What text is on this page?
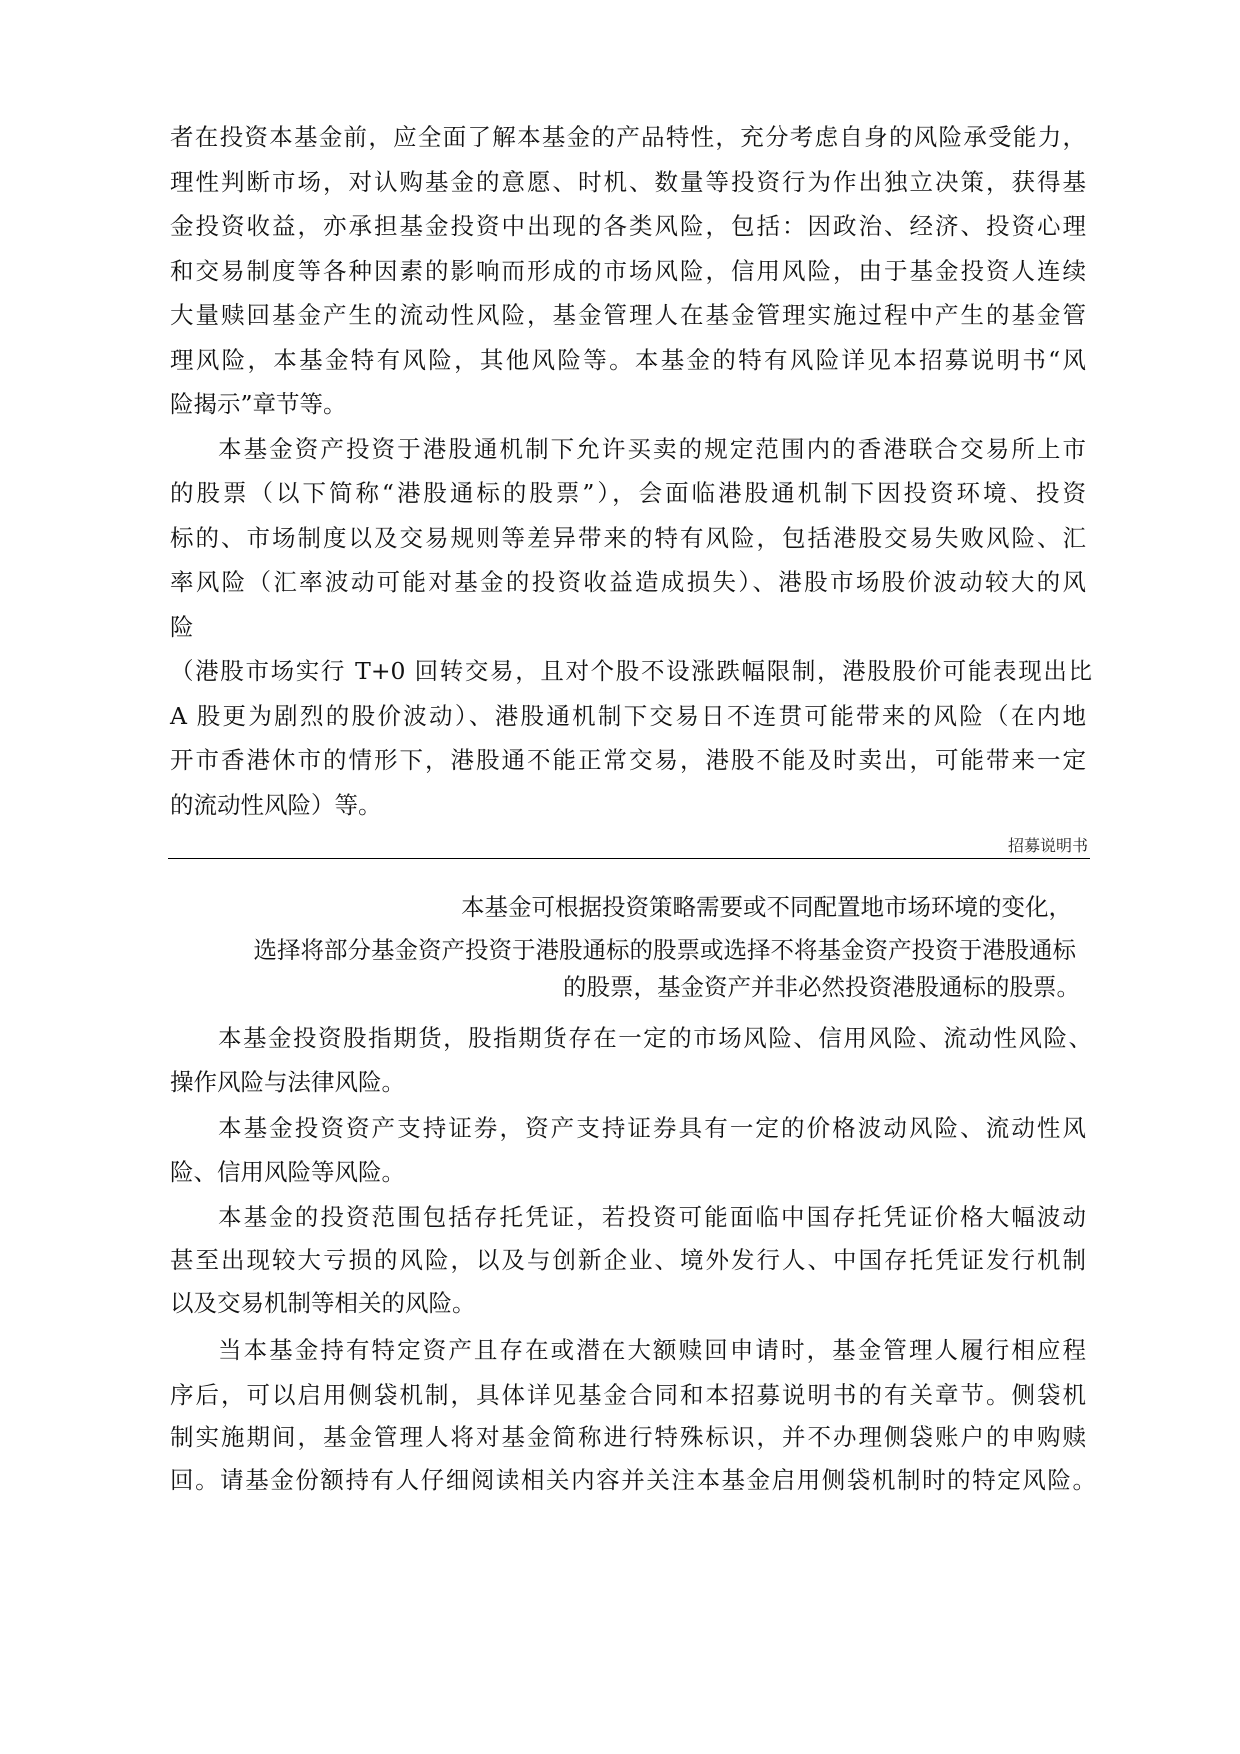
者在投资本基金前，应全面了解本基金的产品特性，充分考虑自身的风险承受能力，
理性判断市场，对认购基金的意愿、时机、数量等投资行为作出独立决策，获得基
金投资收益，亦承担基金投资中出现的各类风险，包括：因政治、经济、投资心理
和交易制度等各种因素的影响而形成的市场风险，信用风险，由于基金投资人连续
大量赎回基金产生的流动性风险，基金管理人在基金管理实施过程中产生的基金管
理风险，本基金特有风险，其他风险等。本基金的特有风险详见本招募说明书“风
险揭示”章节等。
本基金资产投资于港股通机制下允许买卖的规定范围内的香港联合交易所上市
的股票（以下简称“港股通标的股票”），会面临港股通机制下因投资环境、投资
标的、市场制度以及交易规则等差异带来的特有风险，包括港股交易失败风险、汇
率风险（汇率波动可能对基金的投资收益造成损失）、港股市场股价波动较大的风
险
（港股市场实行 T+0 回转交易，且对个股不设涨跌幅限制，港股股价可能表现出比
A 股更为剧烈的股价波动）、港股通机制下交易日不连贯可能带来的风险（在内地
开市香港休市的情形下，港股通不能正常交易，港股不能及时卖出，可能带来一定
的流动性风险）等。
招募说明书
本基金可根据投资策略需要或不同配置地市场环境的变化，
选择将部分基金资产投资于港股通标的股票或选择不将基金资产投资于港股通标
的股票，基金资产并非必然投资港股通标的股票。
本基金投资股指期货，股指期货存在一定的市场风险、信用风险、流动性风险、
操作风险与法律风险。
本基金投资资产支持证券，资产支持证券具有一定的价格波动风险、流动性风
险、信用风险等风险。
本基金的投资范围包括存托凭证，若投资可能面临中国存托凭证价格大幅波动
甚至出现较大亏损的风险，以及与创新企业、境外发行人、中国存托凭证发行机制
以及交易机制等相关的风险。
当本基金持有特定资产且存在或潜在大额赎回申请时，基金管理人履行相应程
序后，可以启用侧袋机制，具体详见基金合同和本招募说明书的有关章节。侧袋机
制实施期间，基金管理人将对基金简称进行特殊标识，并不办理侧袋账户的申购赎
回。请基金份额持有人仔细阅读相关内容并关注本基金启用侧袋机制时的特定风险。
